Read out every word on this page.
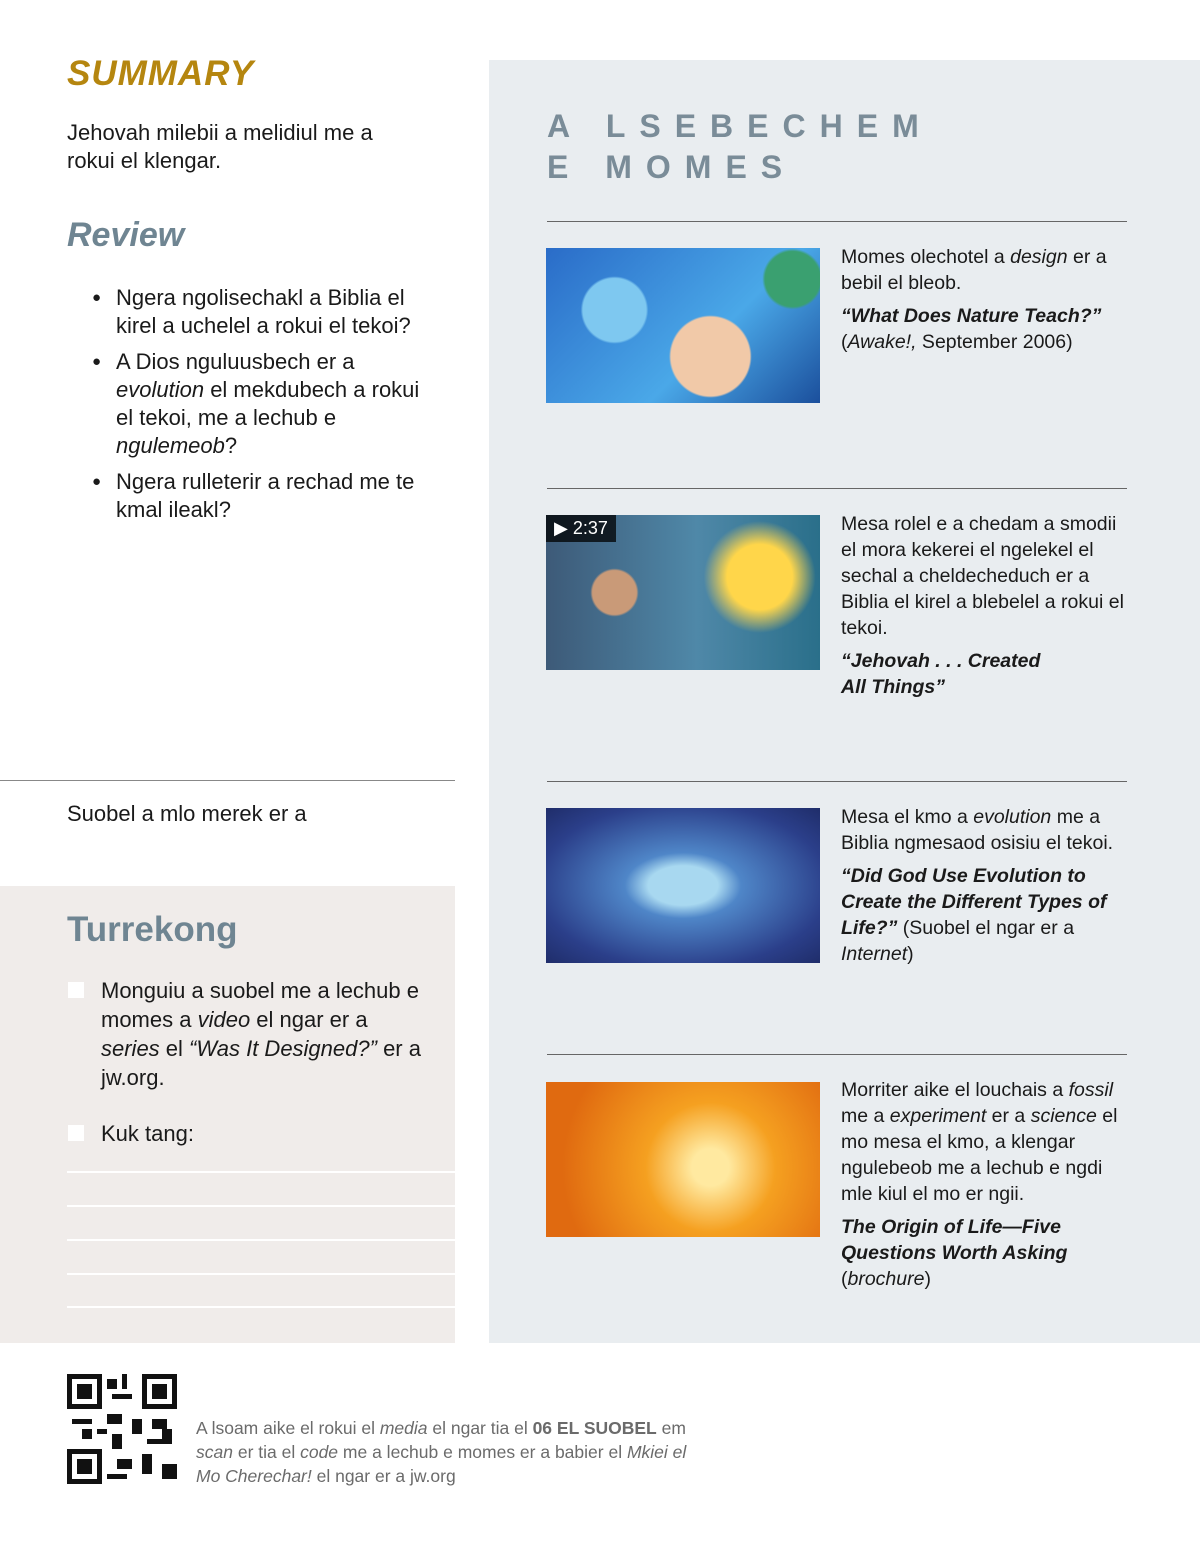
SUMMARY
Jehovah milebii a melidiul me a rokui el klengar.
Review
● Ngera ngolisechakl a Biblia el kirel a uchelel a rokui el tekoi?
● A Dios nguluusbech er a evolution el mekdubech a rokui el tekoi, me a lechub e ngulemeob?
● Ngera rulleterir a rechad me te kmal ileakl?
Suobel a mlo merek er a
Turrekong
Monguiu a suobel me a lechub e momes a video el ngar er a series el “Was It Designed?” er a jw.org.
Kuk tang:
A LSEBECHEM
E MOMES
Momes olechotel a design er a bebil el bleob.
“What Does Nature Teach?” (Awake!, September 2006)
▶ 2:37	Mesa rolel e a chedam a smodii el mora kekerei el ngelekel el sechal a cheldecheduch er a Biblia el kirel a blebelel a rokui el tekoi.
“Jehovah . . . Created All Things”
Mesa el kmo a evolution me a Biblia ngmesaod osisiu el tekoi.
“Did God Use Evolution to Create the Different Types of Life?” (Suobel el ngar er a Internet)
Morriter aike el louchais a fossil me a experiment er a science el mo mesa el kmo, a klengar ngulebeob me a lechub e ngdi mle kiul el mo er ngii.
The Origin of Life—Five Questions Worth Asking (brochure)
A lsoam aike el rokui el media el ngar tia el 06 EL SUOBEL em scan er tia el code me a lechub e momes er a babier el Mkiei el Mo Cherechar! el ngar er a jw.org
